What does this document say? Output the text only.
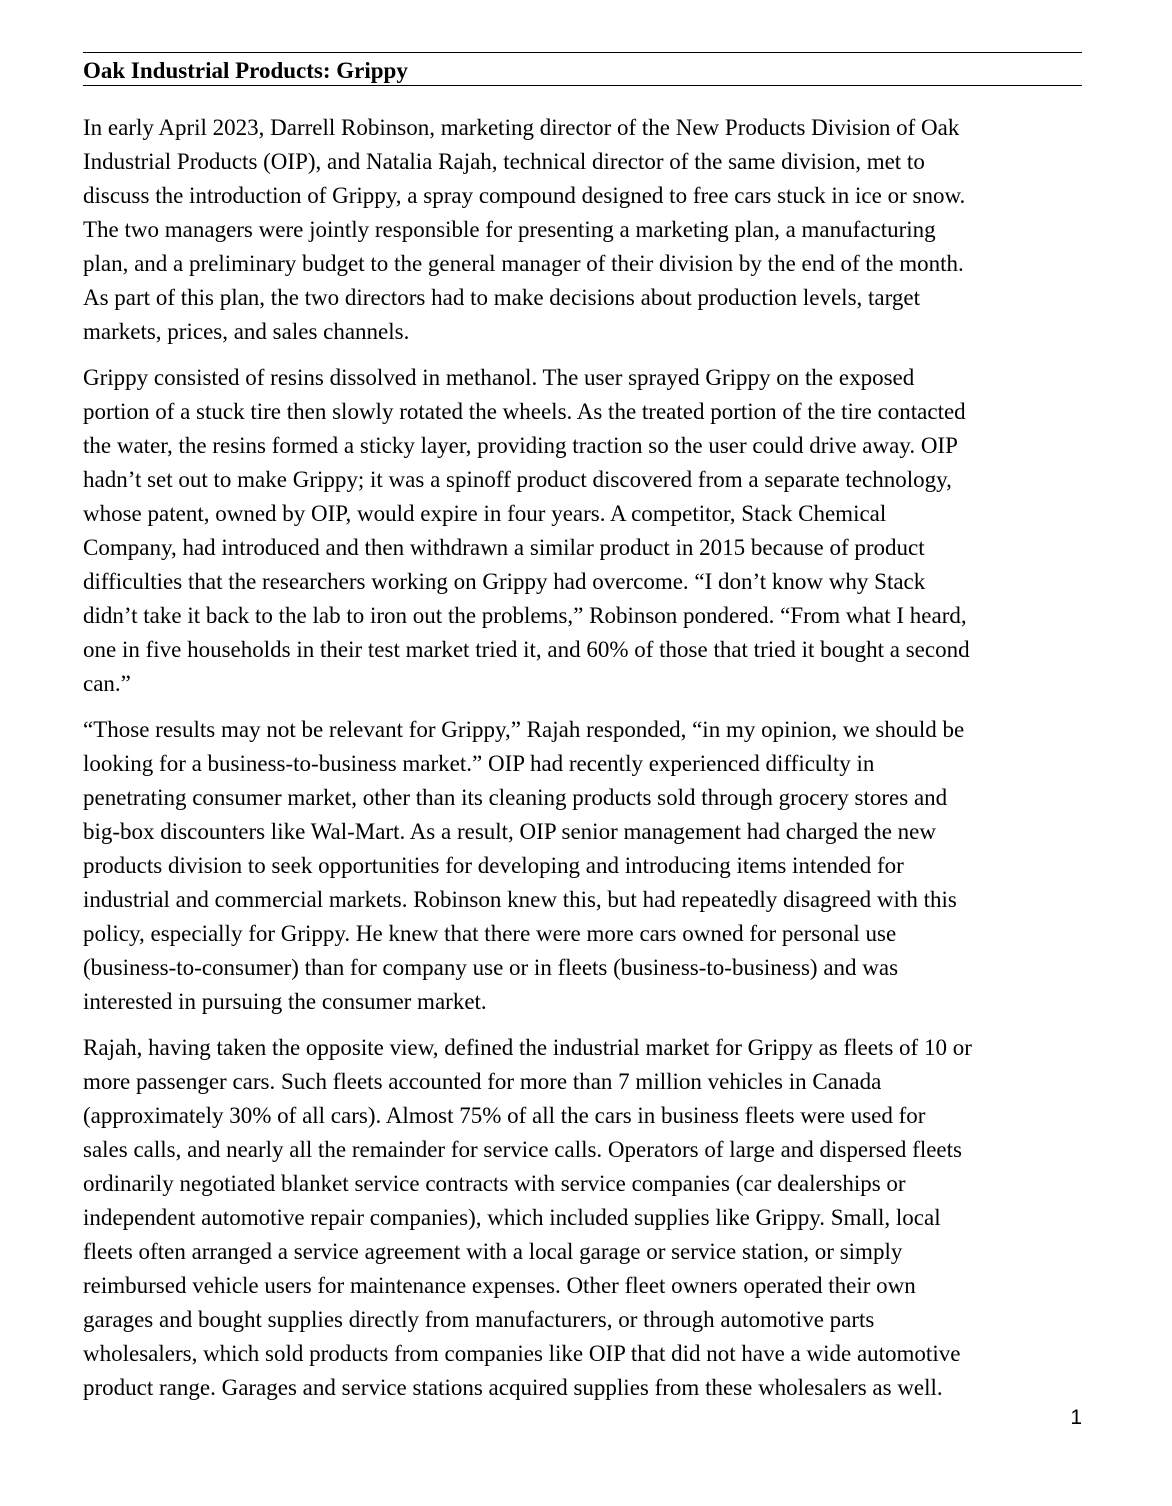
Oak Industrial Products: Grippy

In early April 2023, Darrell Robinson, marketing director of the New Products Division of Oak
Industrial Products (OIP), and Natalia Rajah, technical director of the same division, met to
discuss the introduction of Grippy, a spray compound designed to free cars stuck in ice or snow.
The two managers were jointly responsible for presenting a marketing plan, a manufacturing
plan, and a preliminary budget to the general manager of their division by the end of the month.
As part of this plan, the two directors had to make decisions about production levels, target
markets, prices, and sales channels.

Grippy consisted of resins dissolved in methanol. The user sprayed Grippy on the exposed
portion of a stuck tire then slowly rotated the wheels. As the treated portion of the tire contacted
the water, the resins formed a sticky layer, providing traction so the user could drive away. OIP
hadn’t set out to make Grippy; it was a spinoff product discovered from a separate technology,
whose patent, owned by OIP, would expire in four years. A competitor, Stack Chemical
Company, had introduced and then withdrawn a similar product in 2015 because of product
difficulties that the researchers working on Grippy had overcome. “I don’t know why Stack
didn’t take it back to the lab to iron out the problems,” Robinson pondered. “From what I heard,
one in five households in their test market tried it, and 60% of those that tried it bought a second
can.”

“Those results may not be relevant for Grippy,” Rajah responded, “in my opinion, we should be
looking for a business-to-business market.” OIP had recently experienced difficulty in
penetrating consumer market, other than its cleaning products sold through grocery stores and
big-box discounters like Wal-Mart. As a result, OIP senior management had charged the new
products division to seek opportunities for developing and introducing items intended for
industrial and commercial markets. Robinson knew this, but had repeatedly disagreed with this
policy, especially for Grippy. He knew that there were more cars owned for personal use
(business-to-consumer) than for company use or in fleets (business-to-business) and was
interested in pursuing the consumer market.

Rajah, having taken the opposite view, defined the industrial market for Grippy as fleets of 10 or
more passenger cars. Such fleets accounted for more than 7 million vehicles in Canada
(approximately 30% of all cars). Almost 75% of all the cars in business fleets were used for
sales calls, and nearly all the remainder for service calls. Operators of large and dispersed fleets
ordinarily negotiated blanket service contracts with service companies (car dealerships or
independent automotive repair companies), which included supplies like Grippy. Small, local
fleets often arranged a service agreement with a local garage or service station, or simply
reimbursed vehicle users for maintenance expenses. Other fleet owners operated their own
garages and bought supplies directly from manufacturers, or through automotive parts
wholesalers, which sold products from companies like OIP that did not have a wide automotive
product range. Garages and service stations acquired supplies from these wholesalers as well.

1
